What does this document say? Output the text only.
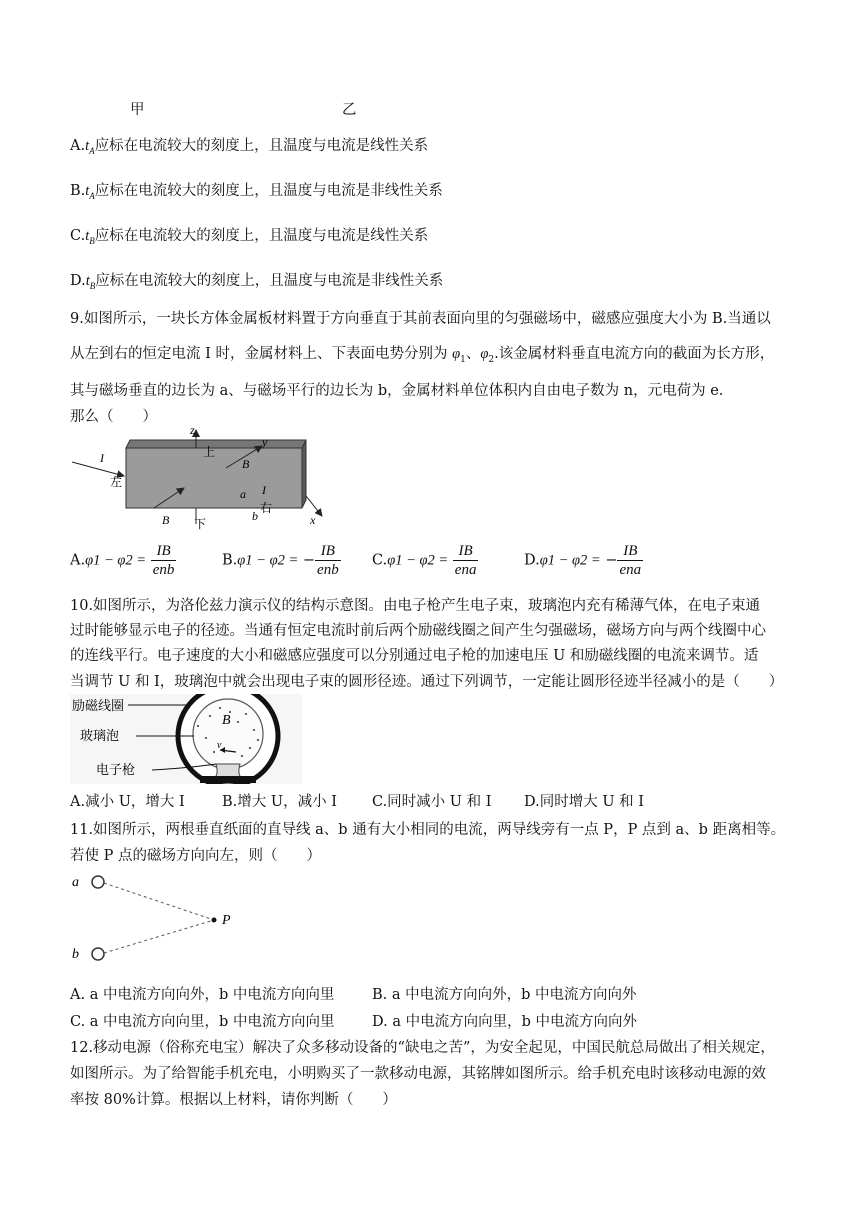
甲	乙
$A.t_A$应标在电流较大的刻度上，且温度与电流是线性关系
$B.t_A$应标在电流较大的刻度上，且温度与电流是非线性关系
$C.t_B$应标在电流较大的刻度上，且温度与电流是线性关系
$D.t_B$应标在电流较大的刻度上，且温度与电流是非线性关系
9.如图所示，一块长方体金属板材料置于方向垂直于其前表面向里的匀强磁场中，磁感应强度大小为 B.当通以
从左到右的恒定电流 I 时，金属材料上、下表面电势分别为 $\varphi_1$、$\varphi_2$.该金属材料垂直电流方向的截面为长方形，
其与磁场垂直的边长为 a、与磁场平行的边长为 b，金属材料单位体积内自由电子数为 n，元电荷为 e.
那么（　　）
I
左
上
z
y
B
a I
右
B 下
b	x
$A.\varphi 1 - \varphi 2 = \frac{IB}{\text{enb}}$	B.φ1 − φ2 = − $\frac{IB}{\text{enb}} C.\varphi 1 - \varphi 2 = \frac{IB}{\text{ena}}$	D.φ1 − φ2 = − $\frac{IB}{\text{ena}}$
10.如图所示，为洛伦兹力演示仪的结构示意图。由电子枪产生电子束，玻璃泡内充有稀薄气体，在电子束通
过时能够显示电子的径迹。当通有恒定电流时前后两个励磁线圈之间产生匀强磁场，磁场方向与两个线圈中心
的连线平行。电子速度的大小和磁感应强度可以分别通过电子枪的加速电压 U 和励磁线圈的电流来调节。适
当调节 U 和 I，玻璃泡中就会出现电子束的圆形径迹。通过下列调节，一定能让圆形径迹半径减小的是（　　）
B
v
励磁线圈
玻璃泡
电子枪
A.减小 U，增大 I	B.增大 U，减小 I C.同时减小 U 和 I D.同时增大 U 和 I
11.如图所示，两根垂直纸面的直导线 a、b 通有大小相同的电流，两导线旁有一点 P，P 点到 a、b 距离相等。
若使 P 点的磁场方向向左，则（　　）
a
b
P
A. a 中电流方向向外，b 中电流方向向里	B. a 中电流方向向外，b 中电流方向向外
C. a 中电流方向向里，b 中电流方向向里	D. a 中电流方向向里，b 中电流方向向外
12.移动电源（俗称充电宝）解决了众多移动设备的“缺电之苦”，为安全起见，中国民航总局做出了相关规定，
如图所示。为了给智能手机充电，小明购买了一款移动电源，其铭牌如图所示。给手机充电时该移动电源的效
率按 80%计算。根据以上材料，请你判断（　　）
